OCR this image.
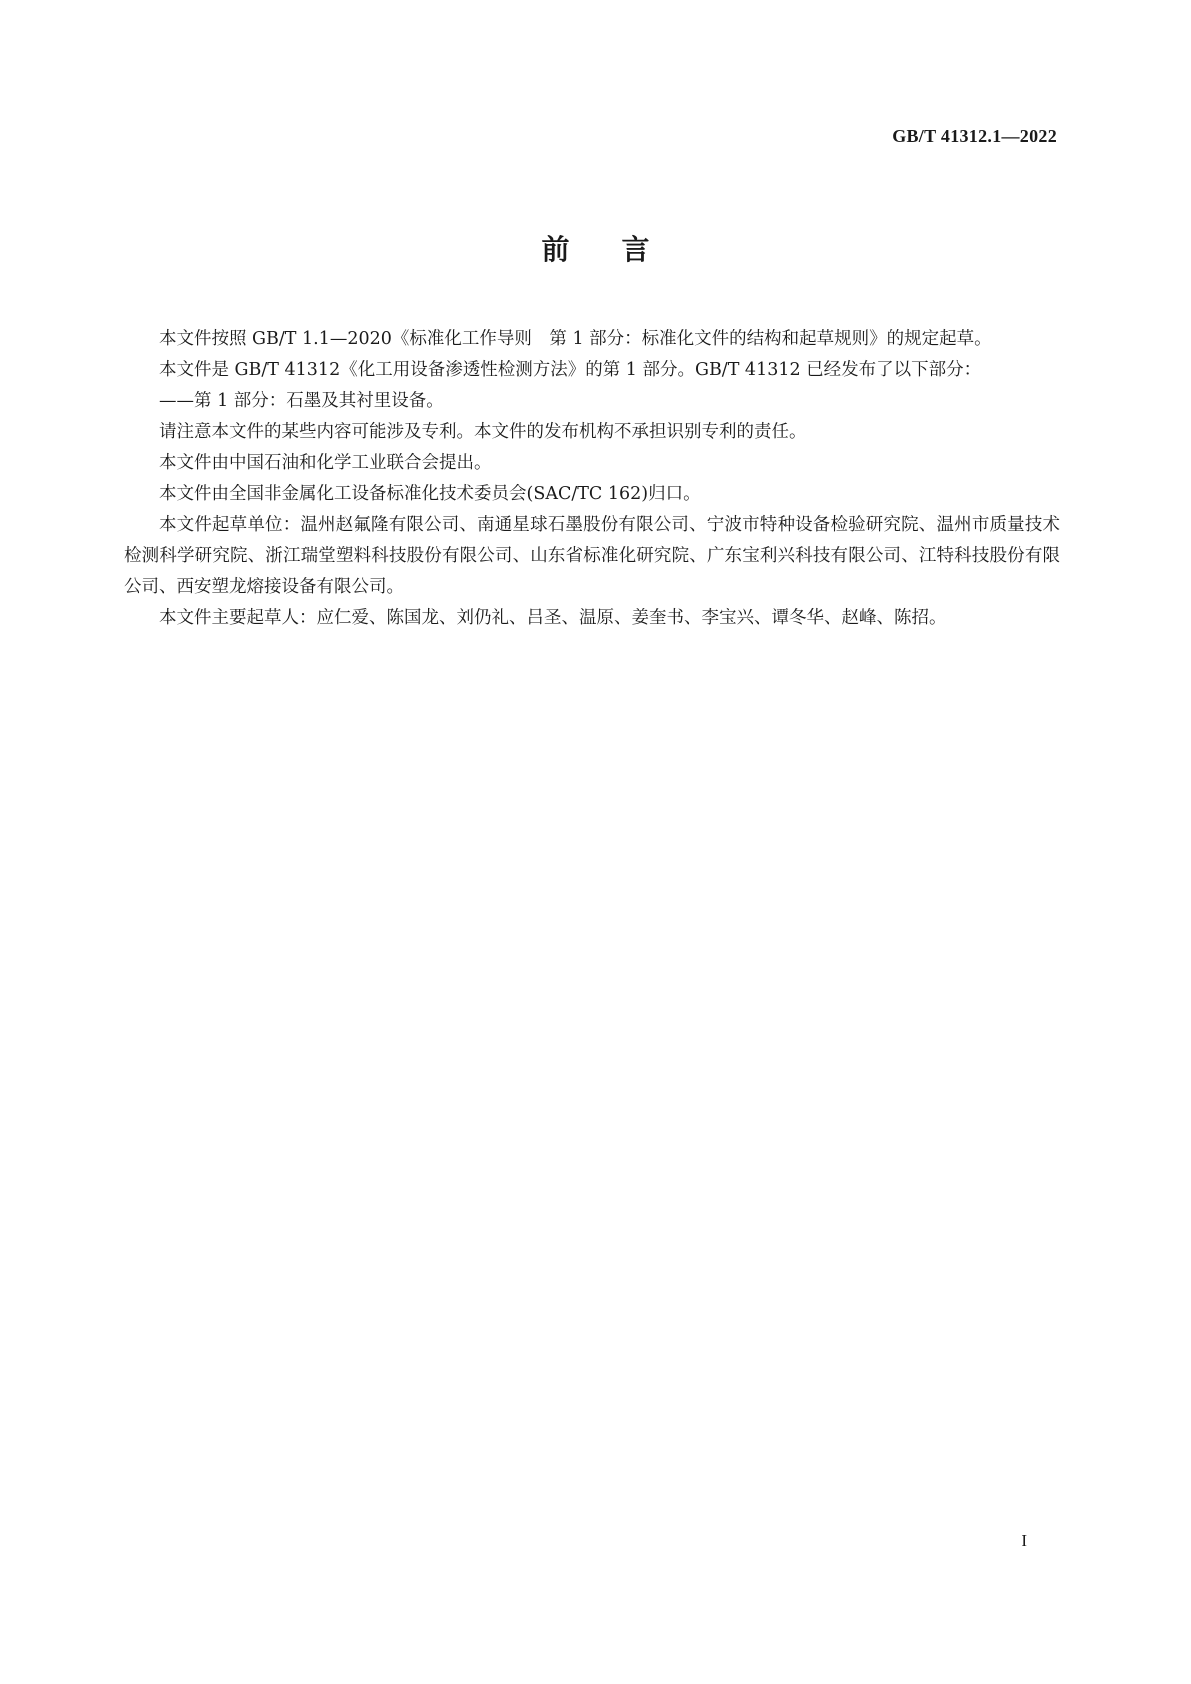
GB/T 41312.1—2022
前言

本文件按照 GB/T 1.1—2020《标准化工作导则　第 1 部分：标准化文件的结构和起草规则》的规定起草。

本文件是 GB/T 41312《化工用设备渗透性检测方法》的第 1 部分。GB/T 41312 已经发布了以下部分：

——第 1 部分：石墨及其衬里设备。

请注意本文件的某些内容可能涉及专利。本文件的发布机构不承担识别专利的责任。

本文件由中国石油和化学工业联合会提出。

本文件由全国非金属化工设备标准化技术委员会(SAC/TC 162)归口。

本文件起草单位：温州赵氟隆有限公司、南通星球石墨股份有限公司、宁波市特种设备检验研究院、温州市质量技术检测科学研究院、浙江瑞堂塑料科技股份有限公司、山东省标准化研究院、广东宝利兴科技有限公司、江特科技股份有限公司、西安塑龙熔接设备有限公司。

本文件主要起草人：应仁爱、陈国龙、刘仍礼、吕圣、温原、姜奎书、李宝兴、谭冬华、赵峰、陈招。

I
